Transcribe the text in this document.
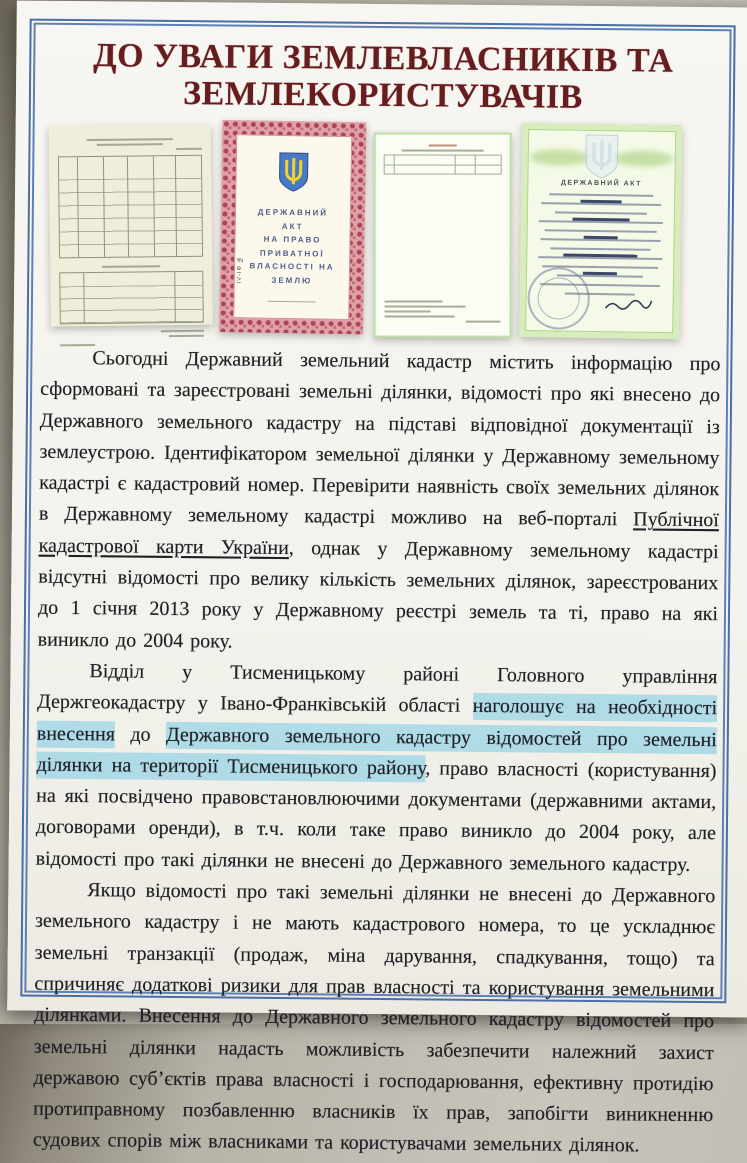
ДО УВАГИ ЗЕМЛЕВЛАСНИКІВ ТА
ЗЕМЛЕКОРИСТУВАЧІВ
ДЕРЖАВНИЙ
АКТ
НА ПРАВО ПРИВАТНОЇ
ВЛАСНОСТІ НА ЗЕМЛЮ
ІV-ІФ №
ДЕРЖАВНИЙ АКТ

Сьогодні Державний земельний кадастр містить інформацію про сформовані та зареєстровані земельні ділянки, відомості про які внесено до Державного земельного кадастру на підставі відповідної документації із землеустрою. Ідентифікатором земельної ділянки у Державному земельному кадастрі є кадастровий номер. Перевірити наявність своїх земельних ділянок в Державному земельному кадастрі можливо на веб-порталі Публічної кадастрової карти України, однак у Державному земельному кадастрі відсутні відомості про велику кількість земельних ділянок, зареєстрованих до 1 січня 2013 року у Державному реєстрі земель та ті, право на які виникло до 2004 року.

Відділ у Тисменицькому районі Головного управління Держгеокадастру у Івано-Франківській області наголошує на необхідності внесення до Державного земельного кадастру відомостей про земельні ділянки на території Тисменицького району, право власності (користування) на які посвідчено правовстановлюючими документами (державними актами, договорами оренди), в т.ч. коли таке право виникло до 2004 року, але відомості про такі ділянки не внесені до Державного земельного кадастру.

Якщо відомості про такі земельні ділянки не внесені до Державного земельного кадастру і не мають кадастрового номера, то це ускладнює земельні транзакції (продаж, міна дарування, спадкування, тощо) та спричиняє додаткові ризики для прав власності та користування земельними ділянками. Внесення до Державного земельного кадастру відомостей про земельні ділянки надасть можливість забезпечити належний захист державою суб’єктів права власності і господарювання, ефективну протидію протиправному позбавленню власників їх прав, запобігти виникненню судових спорів між власниками та користувачами земельних ділянок.
